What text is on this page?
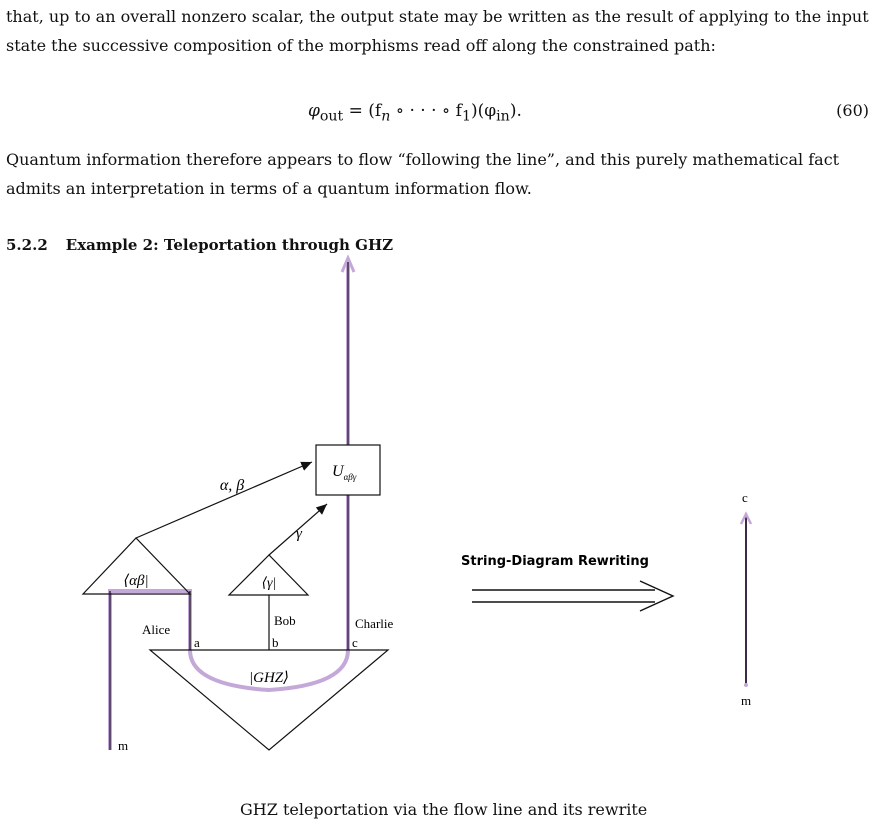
that, up to an overall nonzero scalar, the output state may be written as the result of applying to the input state the successive composition of the morphisms read off along the constrained path:

$\varphi_{out} = (f_n$ ∘ · · · ∘ $f_1)(\varphi_{in})$.	(60)

Quantum information therefore appears to flow “following the line”, and this purely mathematical fact admits an interpretation in terms of a quantum information flow.

5.2.2 Example 2: Teleportation through GHZ
⟨αβ|	⟨γ|
|GHZ⟩
$U_{\alpha\beta\gamma}$
α, β
γ
Alice
Bob	Charlie
a	b	c
m
String-Diagram Rewriting
c
m
GHZ teleportation via the flow line and its rewrite
